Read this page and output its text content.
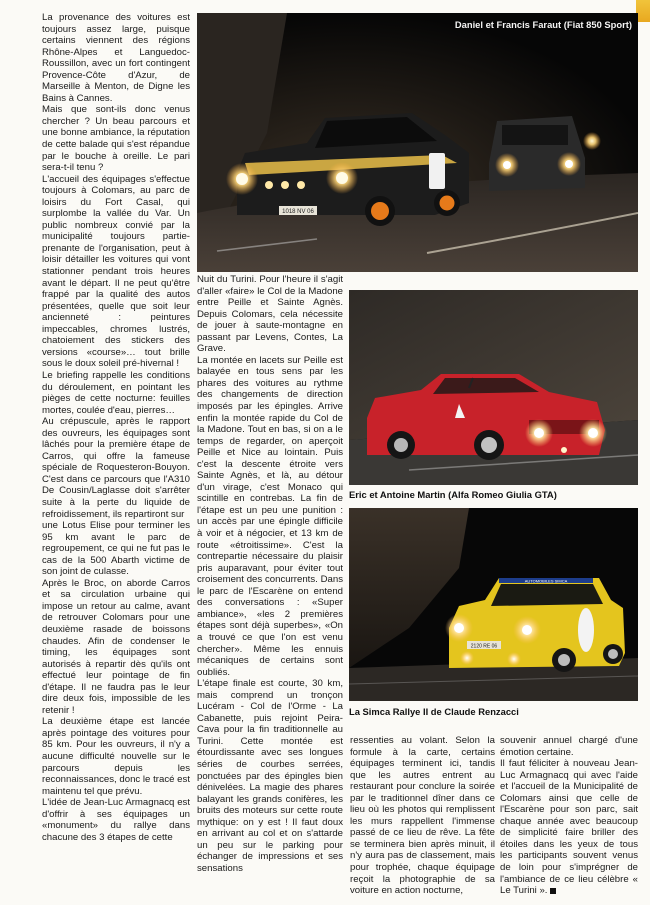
La provenance des voitures est toujours assez large, puisque certains viennent des régions Rhône-Alpes et Languedoc-Roussillon, avec un fort contingent Provence-Côte d'Azur, de Marseille à Menton, de Digne les Bains à Cannes.

Mais que sont-ils donc venus chercher ? Un beau parcours et une bonne ambiance, la réputation de cette balade qui s'est répandue par le bouche à oreille. Le pari sera-t-il tenu ?

L'accueil des équipages s'effectue toujours à Colomars, au parc de loisirs du Fort Casal, qui surplombe la vallée du Var. Un public nombreux convié par la municipalité toujours partie-prenante de l'organisation, peut à loisir détailler les voitures qui vont stationner pendant trois heures avant le départ. Il ne peut qu'être frappé par la qualité des autos présentées, quelle que soit leur ancienneté : peintures impeccables, chromes lustrés, chatoiement des stickers des versions «course»… tout brille sous le doux soleil pré-hivernal !

Le briefing rappelle les conditions du déroulement, en pointant les pièges de cette nocturne: feuilles mortes, coulée d'eau, pierres…

Au crépuscule, après le rapport des ouvreurs, les équipages sont lâchés pour la première étape de Carros, qui offre la fameuse spéciale de Roquesteron-Bouyon. C'est dans ce parcours que l'A310 De Cousin/Laglasse doit s'arrêter suite à la perte du liquide de refroidissement, ils repartiront sur

une Lotus Elise pour terminer les 95 km avant le parc de regroupement, ce qui ne fut pas le cas de la 500 Abarth victime de son joint de culasse.

Après le Broc, on aborde Carros et sa circulation urbaine qui impose un retour au calme, avant de retrouver Colomars pour une deuxième rasade de boissons chaudes. Afin de condenser le timing, les équipages sont autorisés à repartir dès qu'ils ont effectué leur pointage de fin d'étape. Il ne faudra pas le leur dire deux fois, impossible de les retenir !

La deuxième étape est lancée après pointage des voitures pour 85 km. Pour les ouvreurs, il n'y a aucune difficulté nouvelle sur le parcours depuis les reconnaissances, donc le tracé est maintenu tel que prévu.

L'idée de Jean-Luc Armagnacq est d'offrir à ses équipages un «monument» du rallye dans chacune des 3 étapes de cette

1018 NV 06
Daniel et Francis Faraut (Fiat 850 Sport)

Nuit du Turini. Pour l'heure il s'agit d'aller «faire» le Col de la Madone entre Peille et Sainte Agnès. Depuis Colomars, cela nécessite de jouer à saute-montagne en passant par Levens, Contes, La Grave.

La montée en lacets sur Peille est balayée en tous sens par les phares des voitures au rythme des changements de direction imposés par les épingles. Arrive enfin la montée rapide du Col de la Madone. Tout en bas, si on a le temps de regarder, on aperçoit Peille et Nice au lointain. Puis c'est la descente étroite vers Sainte Agnès, et là, au détour d'un virage, c'est Monaco qui scintille en contrebas. La fin de l'étape est un peu une punition : un accès par une épingle difficile à voir et à négocier, et 13 km de route «étroitissime». C'est la contrepartie nécessaire du plaisir pris auparavant, pour éviter tout croisement des concurrents. Dans le parc de l'Escarène on entend des conversations : «Super ambiance», «les 2 premières étapes sont déjà superbes», «On a trouvé ce que l'on est venu chercher». Même les ennuis mécaniques de certains sont oubliés.

L'étape finale est courte, 30 km, mais comprend un tronçon Lucéram - Col de l'Orme - La Cabanette, puis rejoint Peira-Cava pour la fin traditionnelle au Turini. Cette montée est étourdissante avec ses longues séries de courbes serrées, ponctuées par des épingles bien dénivelées. La magie des phares balayant les grands conifères, les bruits des moteurs sur cette route mythique: on y est ! Il faut doux en arrivant au col et on s'attarde un peu sur le parking pour échanger de impressions et ses sensations

Eric et Antoine Martin (Alfa Romeo Giulia GTA)
AUTOMOBILES SIMCA
2120 RE 06
La Simca Rallye II de Claude Renzacci

ressenties au volant. Selon la formule à la carte, certains équipages terminent ici, tandis que les autres entrent au restaurant pour conclure la soirée par le traditionnel dîner dans ce lieu où les photos qui remplissent les murs rappellent l'immense passé de ce lieu de rêve. La fête se terminera bien après minuit, il n'y aura pas de classement, mais pour trophée, chaque équipage reçoit la photographie de sa voiture en action nocturne,

souvenir annuel chargé d'une émotion certaine.

Il faut féliciter à nouveau Jean-Luc Armagnacq qui avec l'aide et l'accueil de la Municipalité de Colomars ainsi que celle de l'Escarène pour son parc, sait chaque année avec beaucoup de simplicité faire briller des étoiles dans les yeux de tous les participants souvent venus de loin pour s'imprégner de l'ambiance de ce lieu célèbre « Le Turini ».
